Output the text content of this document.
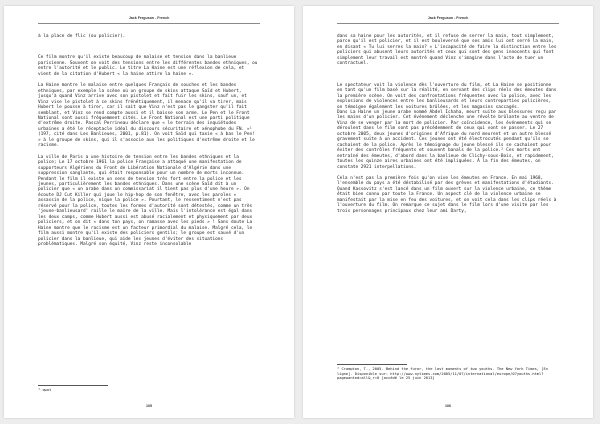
Jack Ferguson - French

à la place de flic (ou policier).

Ce film montre qu'il existe beaucoup de malaise et tension dans la banlieue parisienne. Souvent on voit des tensions entre les différentes bandes ethniques, ou entre l'autorité et le public. Le titre La Haine est une réflexion de cela, et vient de la citation d'Hubert « la haine attire la haine ».

La Haine montre le malaise entre quelques Français de souches et les bandes ethniques, par exemple la scène où un groupe de skins attaque Saïd et Hubert, jusqu'à quand Vinz arrive avec son pistolet et fait fuir les skins, sauf un, et Vinz vise le pistolet à ce skins frénétiquement, il menace qu'il va tirer, mais Hubert le pousse à tirer, car il sait que Vinz n'est pas le gangster qu'il fait semblant, et Vinz se rend compte aussi et il baisse son arme. Le Pen et le Front National sont aussi fréquemment cités. Le Front National est une parti politique d'extrême droite. Pascal Perrineau déclare que « le terrain des inquiétudes urbaines a été le réceptacle idéal du discours sécuritaire et xénophobe du FN. »¹ (197, cité dans Les Banlieues, 2001, p.81). On voit Saïd qui taxie « à bas le Pen! » à le groupe de skins, qui il s'associe aux les politiques d'extrême droite et le racisme.

La ville de Paris a une histoire de tension entre les bandes ethniques et la police; Le 17 octobre 1961 la police Française a attaqué une manifestation de supporteurs Algériens du Front de Libération Nationale d'Algérie dans une suppression sanglante, qui était responsable pour un nombre de morts inconnue. Pendant le film il existe un sens de tension très fort entre la police et les jeunes, particulièrement les bandes ethniques. Dans une scène Saïd dit à un policier que « un arabe dans un commissariat il tient pas plus d'une heure ». On écoute DJ Cut Killer qui joue le hip-hop de son fenêtre, avec les paroles « assassin de la police, nique la police ». Pourtant, le ressentiment n'est pas réservé pour la police, toutes les formes d'autorité sont détestés, comme un très 'jeune-banlieusard' raille le maire de la ville. Mais l'intolérance est égal dans les deux camps, comme Hubert aussi est abusé racialement et physiquement par deux policiers, et on dit « dans ton pays, on ramasse avec les pieds » ! Sans doute La Haine montre que le racisme est un facteur primordial du malaise. Malgré cela, le film aussi montre qu'il existe des policiers gentils; le groupe est sauvé d'un policier dans la banlieue, qui aide les jeunes d'éviter des situations problématiques. Malgré son équité, Vinz reste inconsolable

¹ qwot

105
Jack Ferguson - French

dans sa haine pour les autorités, et il refuse de serrer la main, tout simplement, parce qu'il est policier, et il est bouleversé que ses amis lui ont serré la main, en disant « Tu lui serres la main? » L'incapacité de faire la distinction entre les policiers qui abusent leurs autorités et ceux qui sont des gens innocents qui font simplement leur travail est montré quand Vinz s'imagine dans l'acte de tuer un contractuel.

Le spectateur voit la violence dès l'ouverture du film, et La Haine se positionne en tant qu'un film basé sur la réalité, en servant des clips réels des émeutes dans la première scène. On voit des confrontations fréquentes avec la police, avec les explosions de violences entre les banlieusards et leurs contreparties policières, on témoigne également les voitures brûlées, et les magasins saccagés.

Dans La Haine un jeune arabe nommé Abdel Ichaha, meurt suite aux blessures reçu par les mains d'un policier. Cet événement déclenche une révolte brûlante au ventre de Vinz de se venger par la mort de policier. Par coïncidence, les événements qui se déroulent dans le film sont pas précédemment de ceux qui vont se passer. Le 27 octobre 2005, deux jeunes d'origines d'Afrique du nord meurent et un autre blessé gravement suite à un accident. Ces jeunes ont été électrocutés pendant qu'ils se cachaient de la police. Après le témoignage du jeune blessé ils se cachaient pour éviter des contrôles fréquents et souvent banals de la police.² Ces morts ont entraîné des émeutes, d'abord dans la banlieue de Clichy-sous-Bois, et rapidement, toutes les quinze aires urbaines ont été impliquées. À la fin des émeutes, on constate 2921 interpellations.

Cela n'est pas la première fois qu'on vive les émeutes en France. En mai 1968, l'ensemble du pays a été déstabilisé par des grèves et manifestations d'étudiants. Quand Kassovitz s'est lancé dans un film ouvert sur la violence urbaine, ce thème était bien connu par toute la France. Un aspect clé de la violence urbaine se manifestait par la mise en feu des voitures, et on voit cela dans les clips réels à l'ouverture du film. On remarque ce sujet dans le film lors d'une visite par les trois personnages principaux chez leur ami Darty,

² Crampton, T., 2005. Behind the furor, the last moments of two youths. The New York Times, [En ligne]. Disponible sur: http://www.nytimes.com/2005/11/07/international/europe/07youths.html?pagewanted=all&_r=0 [accédé le 25 juin 2013]

106
